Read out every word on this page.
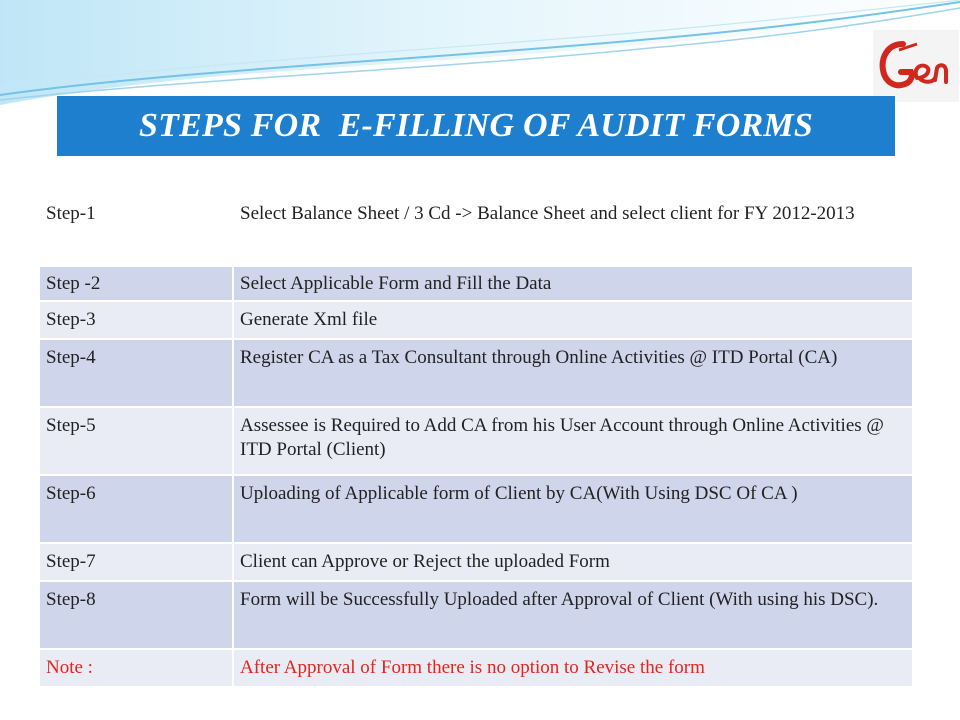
STEPS FOR  E-FILLING OF AUDIT FORMS
Step-1	Select Balance Sheet / 3 Cd -> Balance Sheet and select client for FY 2012-2013
Step -2	Select Applicable Form and Fill the Data
Step-3	Generate Xml file
Step-4	Register CA as a Tax Consultant through Online Activities @ ITD Portal (CA)
Step-5	Assessee is Required to Add CA from his User Account through Online Activities @ ITD Portal (Client)
Step-6	Uploading of Applicable form of Client by CA(With Using DSC Of CA )
Step-7	Client can Approve or Reject the uploaded Form
Step-8	Form will be Successfully Uploaded after Approval of Client (With using his DSC).
Note :	After Approval of Form there is no option to Revise the form
